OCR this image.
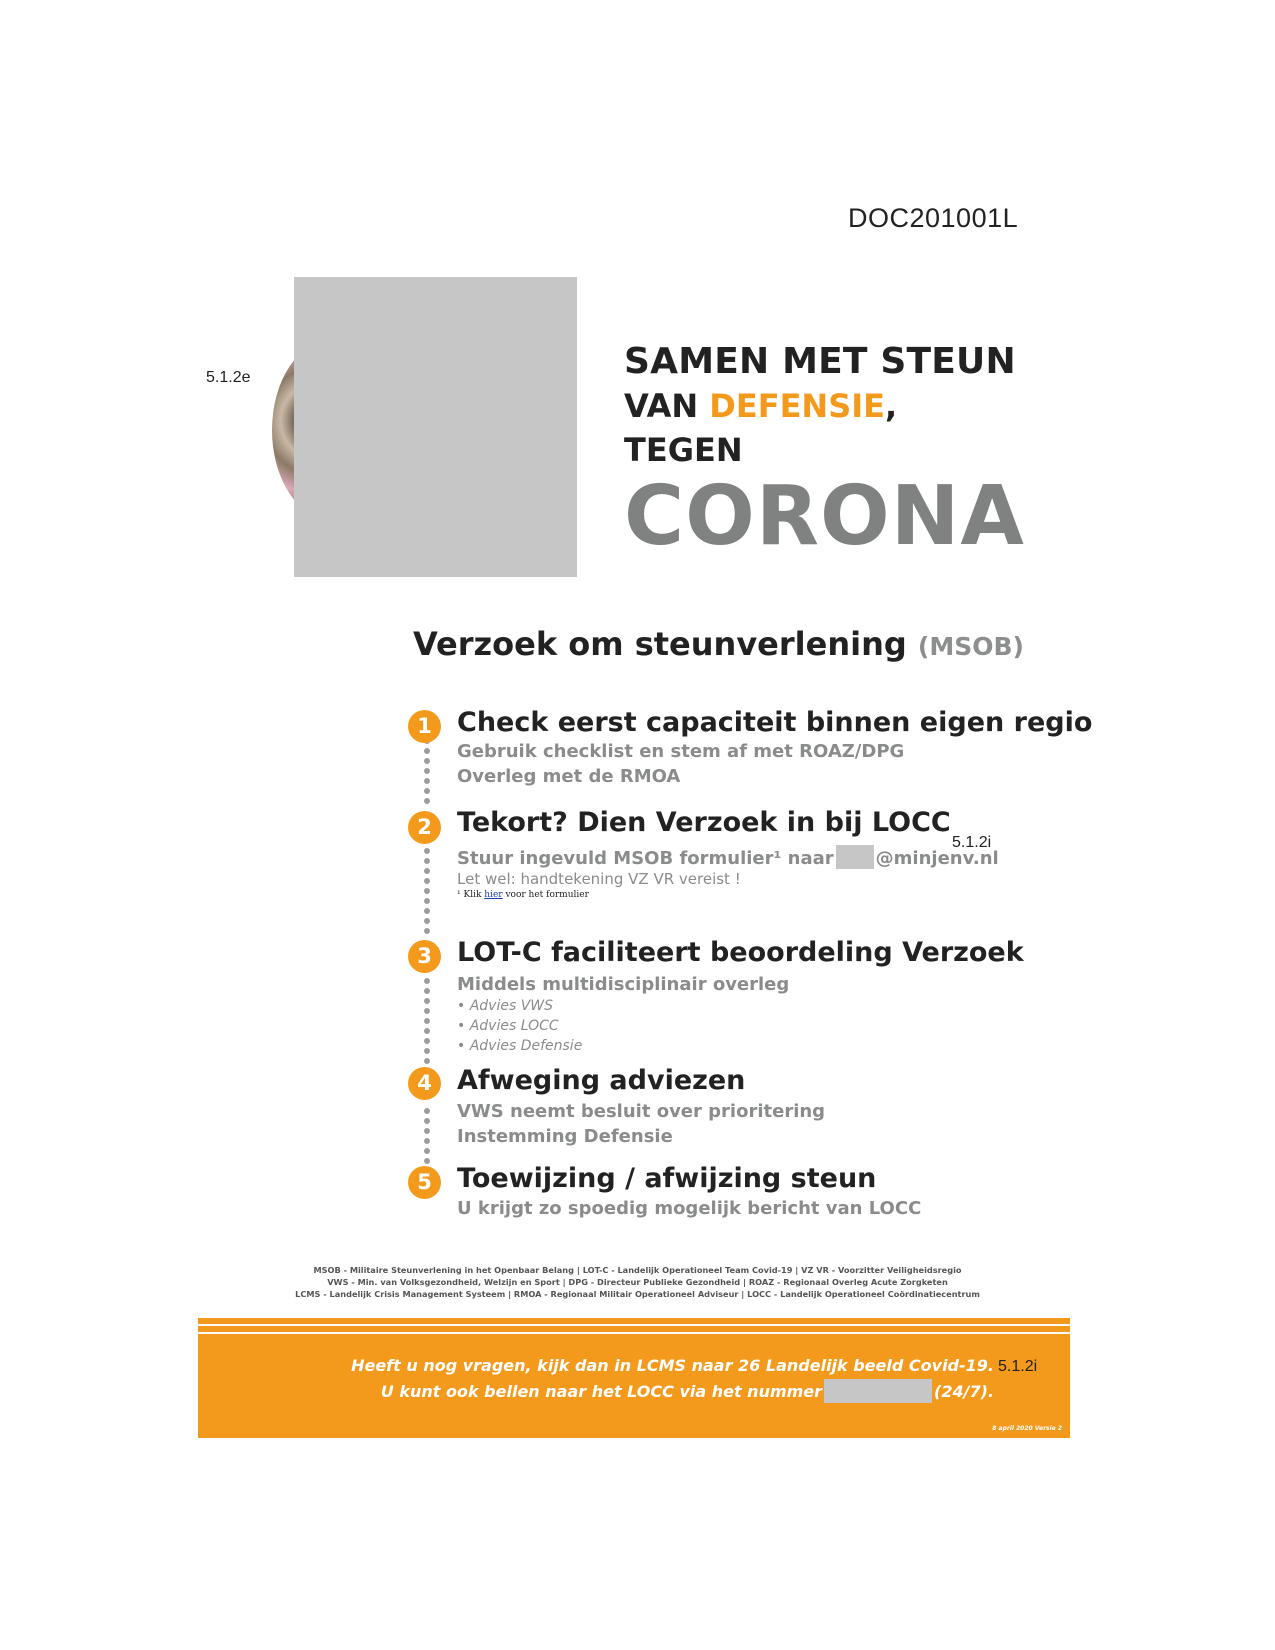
DOC201001L
5.1.2e	SAMEN MET STEUN
VAN DEFENSIE, TEGEN
CORONA
Verzoek om steunverlening (MSOB)
1 Check eerst capaciteit binnen eigen regio
Gebruik checklist en stem af met ROAZ/DPG
Overleg met de RMOA
2 Tekort? Dien Verzoek in bij LOCC
5.1.2i
Stuur ingevuld MSOB formulier¹ naar @minjenv.nl
Let wel: handtekening VZ VR vereist !
¹ Klik hier voor het formulier
3 LOT-C faciliteert beoordeling Verzoek
Middels multidisciplinair overleg
• Advies VWS
• Advies LOCC
• Advies Defensie
4 Afweging adviezen
VWS neemt besluit over prioritering
Instemming Defensie
5 Toewijzing / afwijzing steun
U krijgt zo spoedig mogelijk bericht van LOCC
MSOB - Militaire Steunverlening in het Openbaar Belang | LOT-C - Landelijk Operationeel Team Covid-19 | VZ VR - Voorzitter Veiligheidsregio
VWS - Min. van Volksgezondheid, Welzijn en Sport | DPG - Directeur Publieke Gezondheid | ROAZ - Regionaal Overleg Acute Zorgketen
LCMS - Landelijk Crisis Management Systeem | RMOA - Regionaal Militair Operationeel Adviseur | LOCC - Landelijk Operationeel Coördinatiecentrum
Heeft u nog vragen, kijk dan in LCMS naar 26 Landelijk beeld Covid-19.
U kunt ook bellen naar het LOCC via het nummer	(24/7).
5.1.2i
8 april 2020 Versie 2
